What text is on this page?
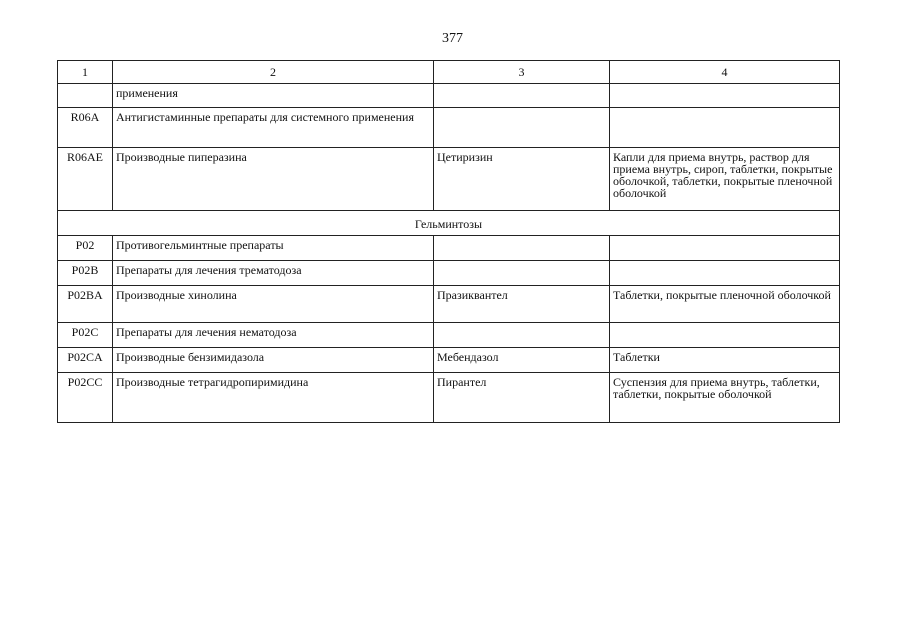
377
1	2	3	4
	применения		
R06A	Антигистаминные препараты для системного применения		
R06AE	Производные пиперазина	Цетиризин	Капли для приема внутрь, раствор для приема внутрь, сироп, таблетки, покрытые оболочкой, таблетки, покрытые пленочной оболочкой
Гельминтозы			
P02	Противогельминтные препараты		
P02B	Препараты для лечения трематодоза		
P02BA	Производные хинолина	Празиквантел	Таблетки, покрытые пленочной оболочкой
P02C	Препараты для лечения нематодоза		
P02CA	Производные бензимидазола	Мебендазол	Таблетки
P02CC	Производные тетрагидропиримидина	Пирантел	Суспензия для приема внутрь, таблетки, таблетки, покрытые оболочкой
